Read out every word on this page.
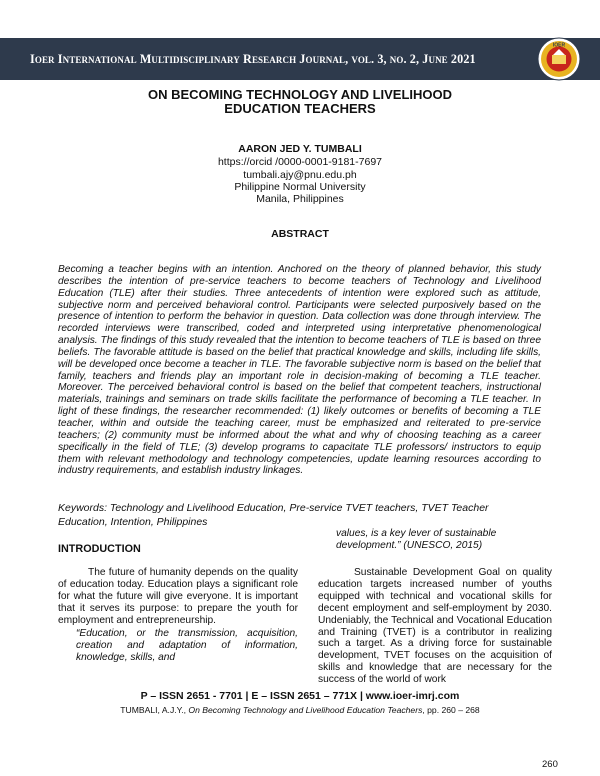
Ioer International Multidisciplinary Research Journal, vol. 3, no. 2, June 2021
IOER
ON BECOMING TECHNOLOGY AND LIVELIHOOD
EDUCATION TEACHERS
AARON JED Y. TUMBALI
https://orcid /0000-0001-9181-7697
tumbali.ajy@pnu.edu.ph
Philippine Normal University
Manila, Philippines
ABSTRACT
Becoming a teacher begins with an intention. Anchored on the theory of planned behavior, this study describes the intention of pre-service teachers to become teachers of Technology and Livelihood Education (TLE) after their studies. Three antecedents of intention were explored such as attitude, subjective norm and perceived behavioral control. Participants were selected purposively based on the presence of intention to perform the behavior in question. Data collection was done through interview. The recorded interviews were transcribed, coded and interpreted using interpretative phenomenological analysis. The findings of this study revealed that the intention to become teachers of TLE is based on three beliefs. The favorable attitude is based on the belief that practical knowledge and skills, including life skills, will be developed once become a teacher in TLE. The favorable subjective norm is based on the belief that family, teachers and friends play an important role in decision-making of becoming a TLE teacher. Moreover. The perceived behavioral control is based on the belief that competent teachers, instructional materials, trainings and seminars on trade skills facilitate the performance of becoming a TLE teacher. In light of these findings, the researcher recommended: (1) likely outcomes or benefits of becoming a TLE teacher, within and outside the teaching career, must be emphasized and reiterated to pre-service teachers; (2) community must be informed about the what and why of choosing teaching as a career specifically in the field of TLE; (3) develop programs to capacitate TLE professors/ instructors to equip them with relevant methodology and technology competencies, update learning resources according to industry requirements, and establish industry linkages.
Keywords: Technology and Livelihood Education, Pre-service TVET teachers, TVET Teacher Education, Intention, Philippines
INTRODUCTION
The future of humanity depends on the quality of education today. Education plays a significant role for what the future will give everyone. It is important that it serves its purpose: to prepare the youth for employment and entrepreneurship.
“Education, or the transmission, acquisition, creation and adaptation of information, knowledge, skills, and
values, is a key lever of sustainable development.” (UNESCO, 2015)
Sustainable Development Goal on quality education targets increased number of youths equipped with technical and vocational skills for decent employment and self-employment by 2030. Undeniably, the Technical and Vocational Education and Training (TVET) is a contributor in realizing such a target. As a driving force for sustainable development, TVET focuses on the acquisition of skills and knowledge that are necessary for the success of the world of work
P – ISSN 2651 - 7701 | E – ISSN 2651 – 771X | www.ioer-imrj.com
TUMBALI, A.J.Y., On Becoming Technology and Livelihood Education Teachers, pp. 260 – 268
260
